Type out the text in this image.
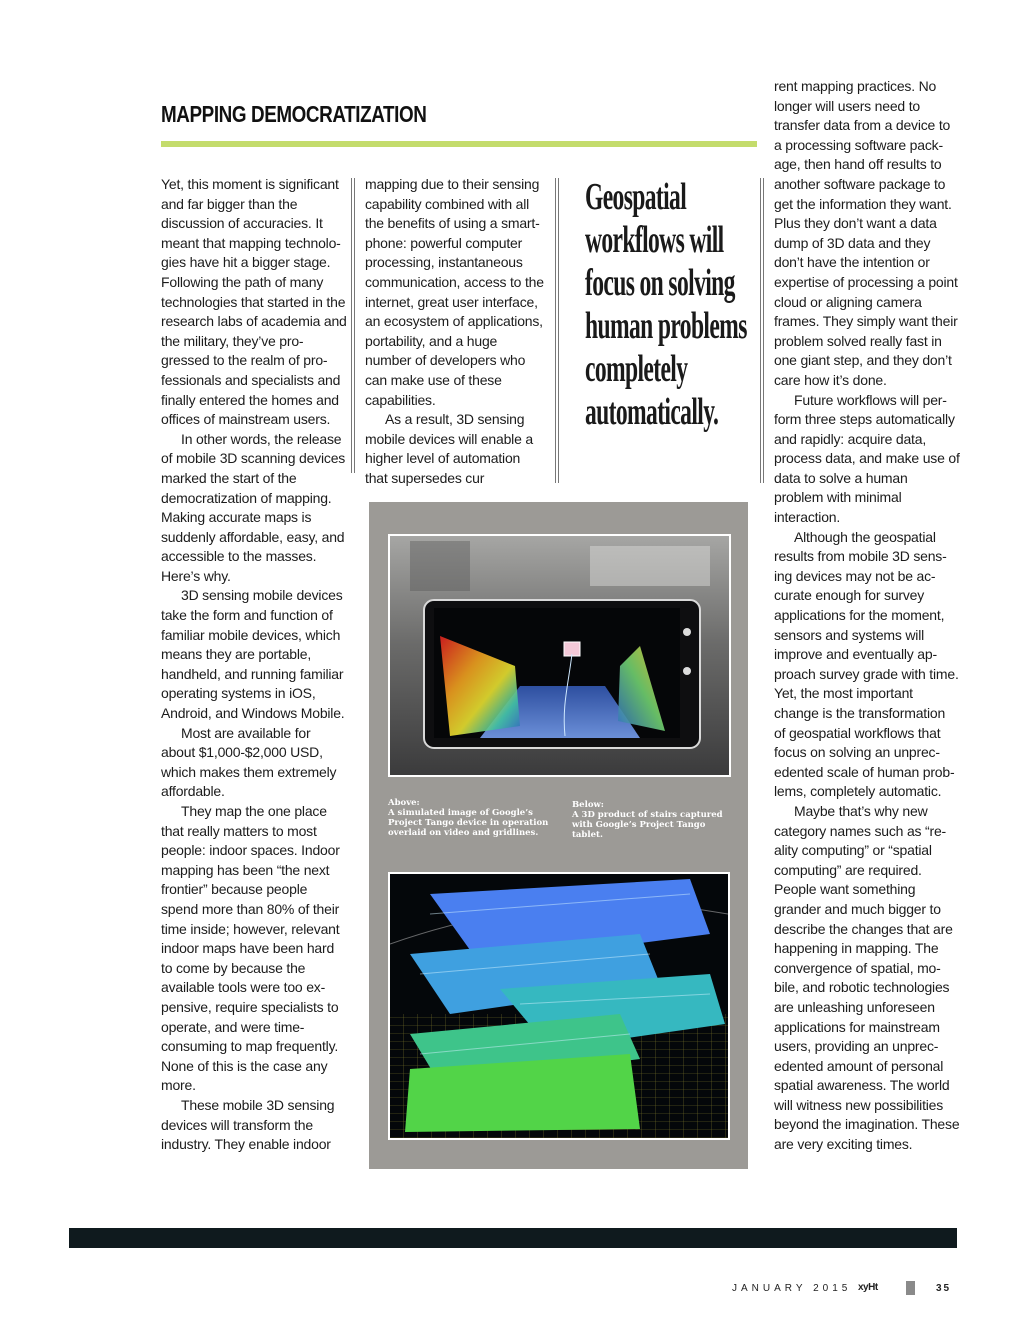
MAPPING DEMOCRATIZATION

Yet, this moment is significant and far bigger than the discussion of accuracies. It meant that mapping technologies have hit a bigger stage. Following the path of many technologies that started in the research labs of academia and the military, they’ve progressed to the realm of professionals and specialists and finally entered the homes and offices of mainstream users.

In other words, the release of mobile 3D scanning devices marked the start of the democratization of mapping. Making accurate maps is suddenly affordable, easy, and accessible to the masses. Here’s why.

3D sensing mobile devices take the form and function of familiar mobile devices, which means they are portable, handheld, and running familiar operating systems in iOS, Android, and Windows Mobile.

Most are available for about $1,000-$2,000 USD, which makes them extremely affordable.

They map the one place that really matters to most people: indoor spaces. Indoor mapping has been “the next frontier” because people spend more than 80% of their time inside; however, relevant indoor maps have been hard to come by because the available tools were too expensive, require specialists to operate, and were time-consuming to map frequently. None of this is the case any more.

These mobile 3D sensing devices will transform the industry. They enable indoor

mapping due to their sensing capability combined with all the benefits of using a smartphone: powerful computer processing, instantaneous communication, access to the internet, great user interface, an ecosystem of applications, portability, and a huge number of developers who can make use of these capabilities.

As a result, 3D sensing mobile devices will enable a higher level of automation that supersedes cur

Geospatial
workflows will
focus on solving
human problems
completely
automatically.

rent mapping practices. No longer will users need to transfer data from a device to a processing software package, then hand off results to another software package to get the information they want. Plus they don’t want a data dump of 3D data and they don’t have the intention or expertise of processing a point cloud or aligning camera frames. They simply want their problem solved really fast in one giant step, and they don’t care how it’s done.

Future workflows will perform three steps automatically and rapidly: acquire data, process data, and make use of data to solve a human problem with minimal interaction.

Although the geospatial results from mobile 3D sensing devices may not be accurate enough for survey applications for the moment, sensors and systems will improve and eventually approach survey grade with time. Yet, the most important change is the transformation of geospatial workflows that focus on solving an unprecedented scale of human problems, completely automatic.

Maybe that’s why new category names such as “reality computing” or “spatial computing” are required. People want something grander and much bigger to describe the changes that are happening in mapping. The convergence of spatial, mobile, and robotic technologies are unleashing unforeseen applications for mainstream users, providing an unprecedented amount of personal spatial awareness. The world will witness new possibilities beyond the imagination. These are very exciting times.

Above:
A simulated image of Google’s Project Tango device in operation overlaid on video and gridlines.
Below:
A 3D product of stairs captured with Google’s Project Tango tablet.
JANUARY 2015 xyHt	35
